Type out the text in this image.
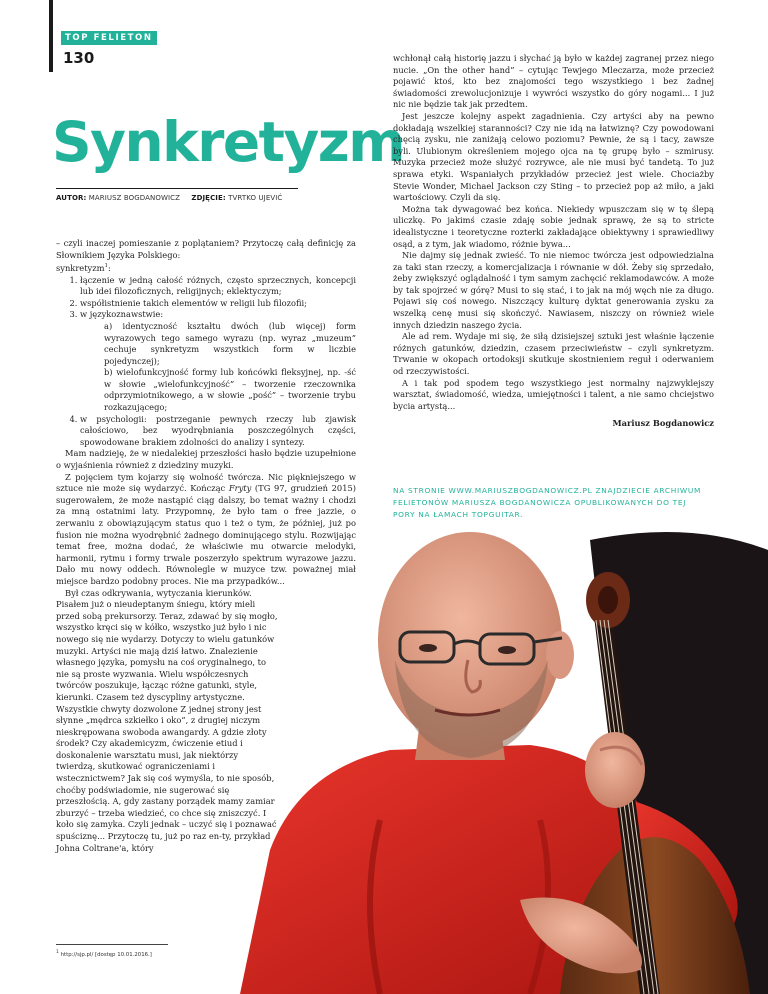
TOP FELIETON
130
Synkretyzm
AUTOR: MARIUSZ BOGDANOWICZ ZDJĘCIE: TVRTKO UJEVIĆ

– czyli inaczej pomieszanie z poplątaniem? Przytoczę całą definicję za Słownikiem Języka Polskiego:

synkretyzm$^1$:

1. łączenie w jedną całość różnych, często sprzecznych, koncepcji lub idei filozoficznych, religijnych; eklektyczym;
2. współistnienie takich elementów w religii lub filozofii;
3. w językoznawstwie:
a) identyczność kształtu dwóch (lub więcej) form wyrazowych tego samego wyrazu (np. wyraz „muzeum” cechuje synkretyzm wszystkich form w liczbie pojedynczej);
b) wielofunkcyjność formy lub końcówki fleksyjnej, np. -ść w słowie „wielofunkcyjność” – tworzenie rzeczownika odprzymiotnikowego, a w słowie „pość” – tworzenie trybu rozkazującego;
4. w psychologii: postrzeganie pewnych rzeczy lub zjawisk całościowo, bez wyodrębniania poszczególnych części, spowodowane brakiem zdolności do analizy i syntezy.

Mam nadzieję, że w niedalekiej przeszłości hasło będzie uzupełnione o wyjaśnienia również z dziedziny muzyki.

Z pojęciem tym kojarzy się wolność twórcza. Nic piękniejszego w sztuce nie może się wydarzyć. Kończąc Fryty (TG 97, grudzień 2015) sugerowałem, że może nastąpić ciąg dalszy, bo temat ważny i chodzi za mną ostatnimi laty. Przypomnę, że było tam o free jazzie, o zerwaniu z obowiązującym status quo i też o tym, że później, już po fusion nie można wyodrębnić żadnego dominującego stylu. Rozwijając temat free, można dodać, że właściwie mu otwarcie melodyki, harmonii, rytmu i formy trwale poszerzyło spektrum wyrazowe jazzu. Dało mu nowy oddech. Równolegle w muzyce tzw. poważnej miał miejsce bardzo podobny proces. Nie ma przypadków...

Był czas odkrywania, wytyczania kierunków. Pisałem już o nieudeptanym śniegu, który mieli przed sobą prekursorzy. Teraz, zdawać by się mogło, wszystko kręci się w kółko, wszystko już było i nic nowego się nie wydarzy. Dotyczy to wielu gatunków muzyki. Artyści nie mają dziś łatwo. Znalezienie własnego języka, pomysłu na coś oryginalnego, to nie są proste wyzwania. Wielu współczesnych twórców poszukuje, łącząc różne gatunki, style, kierunki. Czasem też dyscypliny artystyczne. Wszystkie chwyty dozwolone Z jednej strony jest słynne „mędrca szkiełko i oko”, z drugiej niczym nieskrępowana swoboda awangardy. A gdzie złoty środek? Czy akademicyzm, ćwiczenie etiud i doskonalenie warsztatu musi, jak niektórzy twierdzą, skutkować ograniczeniami i wstecznictwem? Jak się coś wymyśla, to nie sposób, choćby podświadomie, nie sugerować się przeszłością. A, gdy zastany porządek mamy zamiar zburzyć – trzeba wiedzieć, co chce się zniszczyć. I koło się zamyka. Czyli jednak – uczyć się i poznawać spuściznę... Przytoczę tu, już po raz en-ty, przykład Johna Coltrane'a, który

wchłonął całą historię jazzu i słychać ją było w każdej zagranej przez niego nucie. „On the other hand” – cytując Tewjego Mleczarza, może przecież pojawić ktoś, kto bez znajomości tego wszystkiego i bez żadnej świadomości zrewolucjonizuje i wywróci wszystko do góry nogami... I już nic nie będzie tak jak przedtem.

Jest jeszcze kolejny aspekt zagadnienia. Czy artyści aby na pewno dokładają wszelkiej staranności? Czy nie idą na łatwiznę? Czy powodowani chęcią zysku, nie zaniżają celowo poziomu? Pewnie, że są i tacy, zawsze byli. Ulubionym określeniem mojego ojca na tę grupę było – szmirusy. Muzyka przecież może służyć rozrywce, ale nie musi być tandetą. To już sprawa etyki. Wspaniałych przykładów przecież jest wiele. Chociażby Stevie Wonder, Michael Jackson czy Sting – to przecież pop aż miło, a jaki wartościowy. Czyli da się.

Można tak dywagować bez końca. Niekiedy wpuszczam się w tę ślepą uliczkę. Po jakimś czasie zdaję sobie jednak sprawę, że są to stricte idealistyczne i teoretyczne rozterki zakładające obiektywny i sprawiedliwy osąd, a z tym, jak wiadomo, różnie bywa...

Nie dajmy się jednak zwieść. To nie niemoc twórcza jest odpowiedzialna za taki stan rzeczy, a komercjalizacja i równanie w dół. Żeby się sprzedało, żeby zwiększyć oglądalność i tym samym zachęcić reklamodawców. A może by tak spojrzeć w górę? Musi to się stać, i to jak na mój węch nie za długo. Pojawi się coś nowego. Niszczący kulturę dyktat generowania zysku za wszelką cenę musi się skończyć. Nawiasem, niszczy on również wiele innych dziedzin naszego życia.

Ale ad rem. Wydaje mi się, że siłą dzisiejszej sztuki jest właśnie łączenie różnych gatunków, dziedzin, czasem przeciwieństw – czyli synkretyzm. Trwanie w okopach ortodoksji skutkuje skostnieniem reguł i oderwaniem od rzeczywistości.

A i tak pod spodem tego wszystkiego jest normalny najzwyklejszy warsztat, świadomość, wiedza, umiejętności i talent, a nie samo chciejstwo bycia artystą...

Mariusz Bogdanowicz

NA STRONIE WWW.MARIUSZBOGDANOWICZ.PL ZNAJDZIECIE ARCHIWUM FELIETONÓW MARIUSZA BOGDANOWICZA OPUBLIKOWANYCH DO TEJ PORY NA ŁAMACH TOPGUITAR.
$^1$ http://sjp.pl/ [dostęp 10.01.2016.]
